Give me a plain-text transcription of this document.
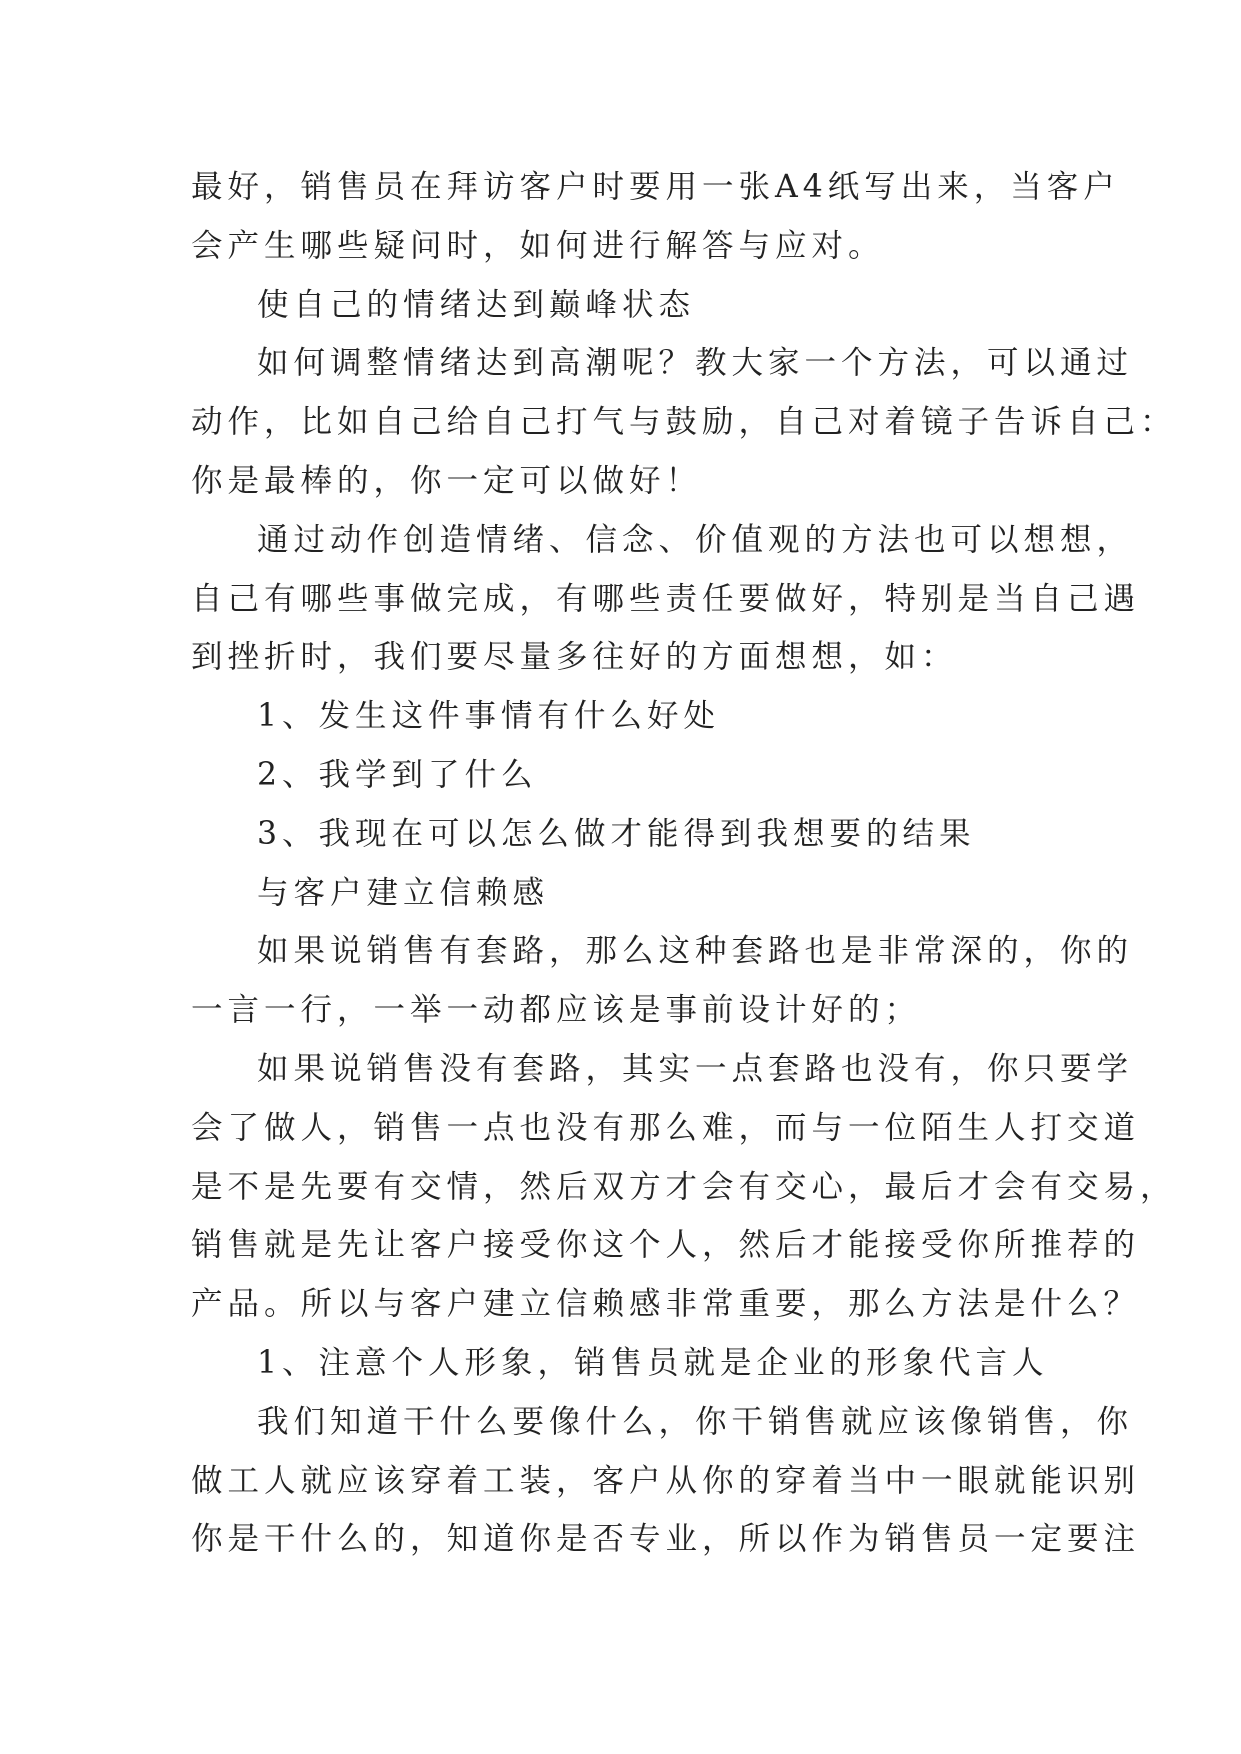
最好，销售员在拜访客户时要用一张A4纸写出来，当客户
会产生哪些疑问时，如何进行解答与应对。
使自己的情绪达到巅峰状态
如何调整情绪达到高潮呢？教大家一个方法，可以通过
动作，比如自己给自己打气与鼓励，自己对着镜子告诉自己：
你是最棒的，你一定可以做好！
通过动作创造情绪、信念、价值观的方法也可以想想，
自己有哪些事做完成，有哪些责任要做好，特别是当自己遇
到挫折时，我们要尽量多往好的方面想想，如：
1、发生这件事情有什么好处
2、我学到了什么
3、我现在可以怎么做才能得到我想要的结果
与客户建立信赖感
如果说销售有套路，那么这种套路也是非常深的，你的
一言一行，一举一动都应该是事前设计好的；
如果说销售没有套路，其实一点套路也没有，你只要学
会了做人，销售一点也没有那么难，而与一位陌生人打交道
是不是先要有交情，然后双方才会有交心，最后才会有交易，
销售就是先让客户接受你这个人，然后才能接受你所推荐的
产品。所以与客户建立信赖感非常重要，那么方法是什么？
1、注意个人形象，销售员就是企业的形象代言人
我们知道干什么要像什么，你干销售就应该像销售，你
做工人就应该穿着工装，客户从你的穿着当中一眼就能识别
你是干什么的，知道你是否专业，所以作为销售员一定要注
